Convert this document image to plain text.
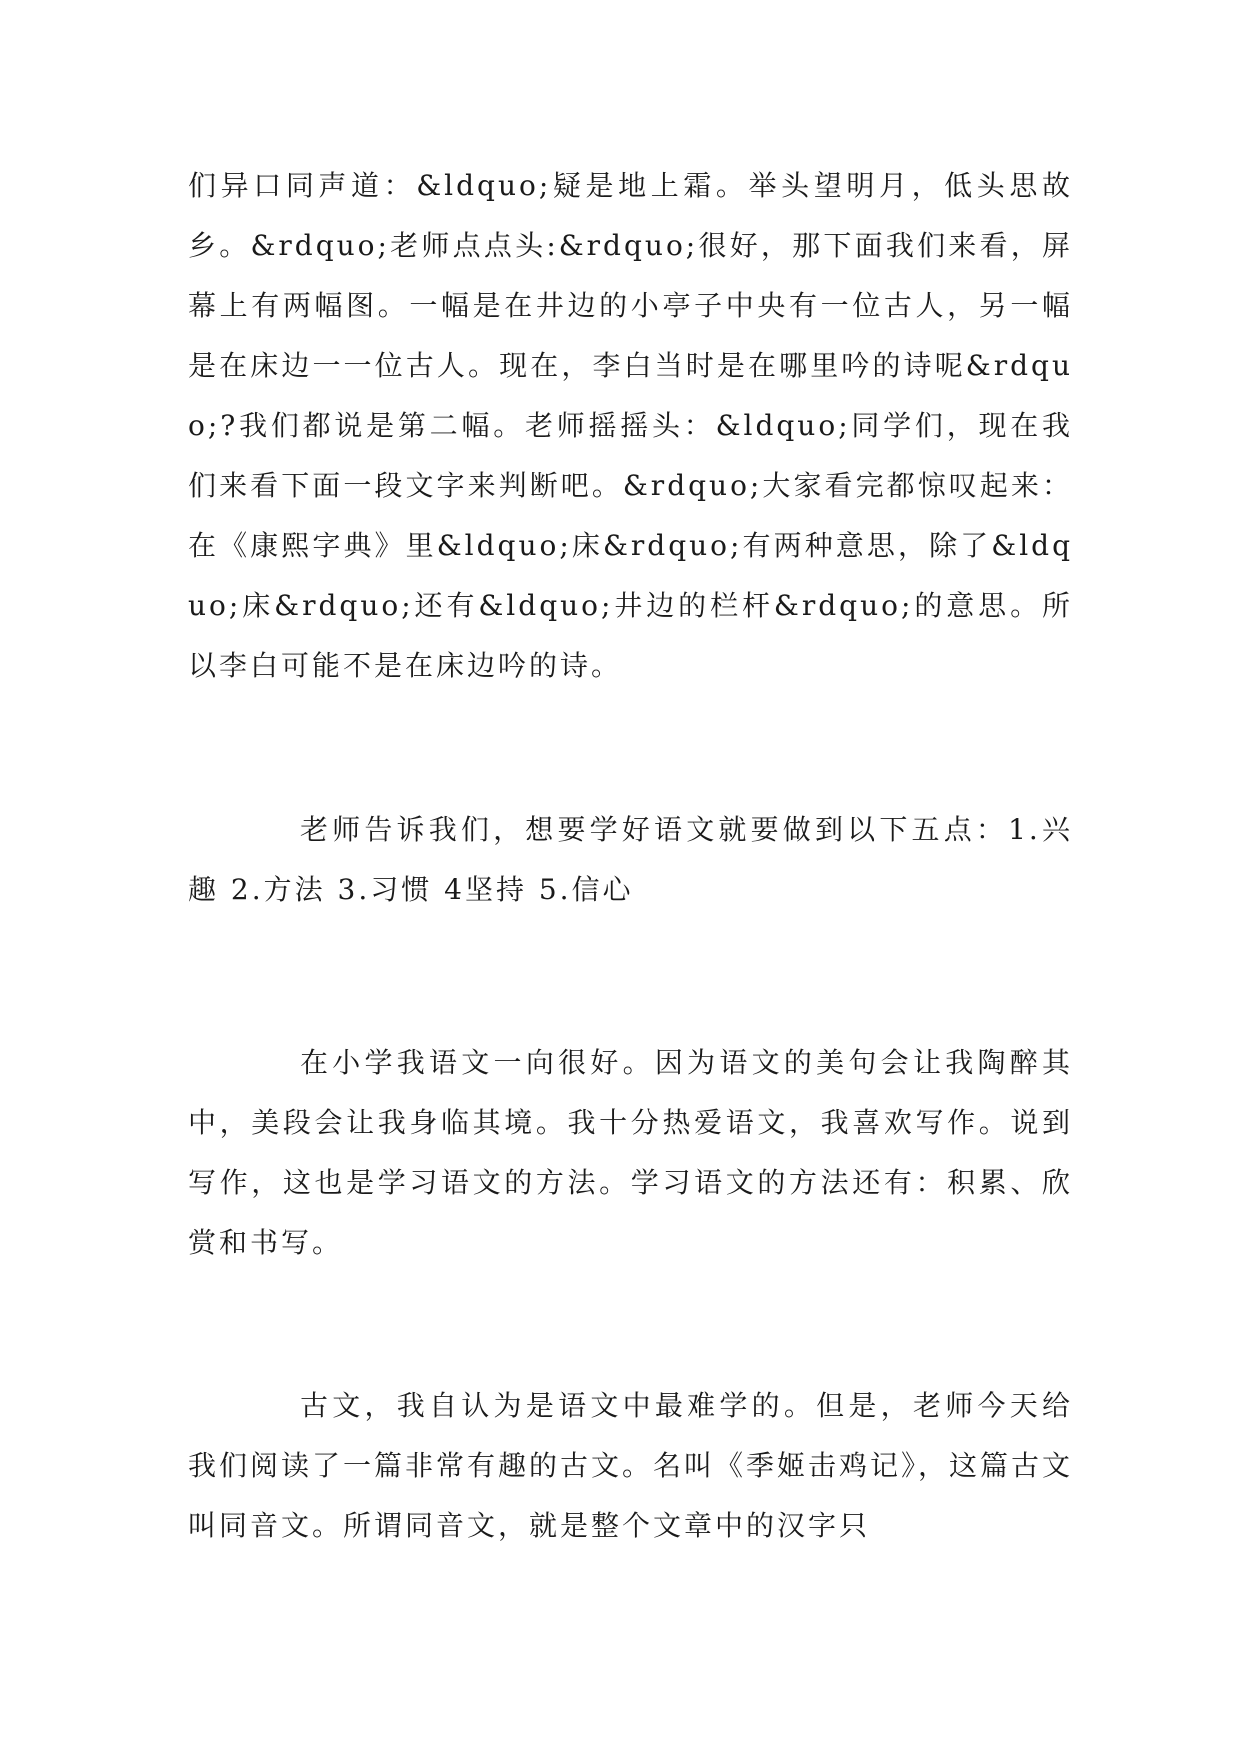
们异口同声道：&ldquo;疑是地上霜。举头望明月，低头思故乡。&rdquo;老师点点头:&rdquo;很好，那下面我们来看，屏幕上有两幅图。一幅是在井边的小亭子中央有一位古人，另一幅是在床边一一位古人。现在，李白当时是在哪里吟的诗呢&rdquo;?我们都说是第二幅。老师摇摇头：&ldquo;同学们，现在我们来看下面一段文字来判断吧。&rdquo;大家看完都惊叹起来：在《康熙字典》里&ldquo;床&rdquo;有两种意思，除了&ldquo;床&rdquo;还有&ldquo;井边的栏杆&rdquo;的意思。所以李白可能不是在床边吟的诗。

老师告诉我们，想要学好语文就要做到以下五点：1.兴趣 2.方法 3.习惯 4坚持 5.信心

在小学我语文一向很好。因为语文的美句会让我陶醉其中，美段会让我身临其境。我十分热爱语文，我喜欢写作。说到写作，这也是学习语文的方法。学习语文的方法还有：积累、欣赏和书写。

古文，我自认为是语文中最难学的。但是，老师今天给我们阅读了一篇非常有趣的古文。名叫《季姬击鸡记》，这篇古文叫同音文。所谓同音文，就是整个文章中的汉字只
